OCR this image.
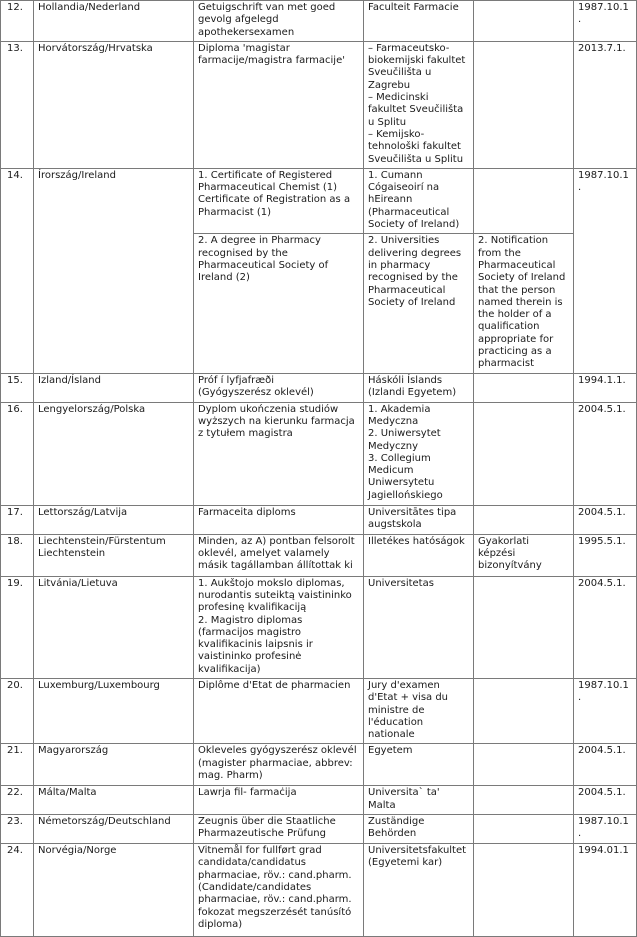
12.	Hollandia/Nederland	Getuigschrift van met goed gevolg afgelegd apothekersexamen	Faculteit Farmacie		1987.10.1.
13.	Horvátország/Hrvatska	Diploma 'magistar farmacije/magistra farmacije'	– Farmaceutsko-
biokemijski fakultet Sveučilišta u Zagrebu
– Medicinski fakultet Sveučilišta u Splitu
– Kemijsko-
tehnološki fakultet Sveučilišta u Splitu		2013.7.1.
14.	Írország/Ireland	1. Certificate of Registered Pharmaceutical Chemist (1)
Certificate of Registration as a Pharmacist (1)	1. Cumann Cógaiseoirí na hEireann (Pharmaceutical Society of Ireland)		1987.10.1.
		2. A degree in Pharmacy recognised by the Pharmaceutical Society of Ireland (2)	2. Universities delivering degrees in pharmacy recognised by the Pharmaceutical Society of Ireland	2. Notification from the Pharmaceutical Society of Ireland that the person named therein is the holder of a qualification appropriate for practicing as a pharmacist	
15.	Izland/Ísland	Próf í lyfjafræði
(Gyógyszerész oklevél)	Háskóli Íslands
(Izlandi Egyetem)		1994.1.1.
16.	Lengyelország/Polska	Dyplom ukończenia studiów wyższych na kierunku farmacja z tytułem magistra	1. Akademia Medyczna
2. Uniwersytet Medyczny
3. Collegium Medicum Uniwersytetu Jagiellońskiego		2004.5.1.
17.	Lettország/Latvija	Farmaceita diploms	Universitātes tipa augstskola		2004.5.1.
18.	Liechtenstein/Fürstentum Liechtenstein	Minden, az A) pontban felsorolt oklevél, amelyet valamely másik tagállamban állítottak ki	Illetékes hatóságok	Gyakorlati képzési bizonyítvány	1995.5.1.
19.	Litvánia/Lietuva	1. Aukštojo mokslo diplomas, nurodantis suteiktą vaistininko profesinę kvalifikaciją
2. Magistro diplomas (farmacijos magistro kvalifikacinis laipsnis ir vaistininko profesinė kvalifikacija)	Universitetas		2004.5.1.
20.	Luxemburg/Luxembourg	Diplôme d'Etat de pharmacien	Jury d'examen d'Etat + visa du ministre de l'éducation nationale		1987.10.1.
21.	Magyarország	Okleveles gyógyszerész oklevél (magister pharmaciae, abbrev: mag. Pharm)	Egyetem		2004.5.1.
22.	Málta/Malta	Lawrja fil- farmaċija	Universita` ta' Malta		2004.5.1.
23.	Németország/Deutschland	Zeugnis über die Staatliche Pharmazeutische Prüfung	Zuständige Behörden		1987.10.1.
24.	Norvégia/Norge	Vitnemål for fullført grad candidata/candidatus pharmaciae, röv.: cand.pharm. (Candidate/candidates pharmaciae, röv.: cand.pharm. fokozat megszerzését tanúsító diploma)	Universitetsfakultet
(Egyetemi kar)		1994.01.1
